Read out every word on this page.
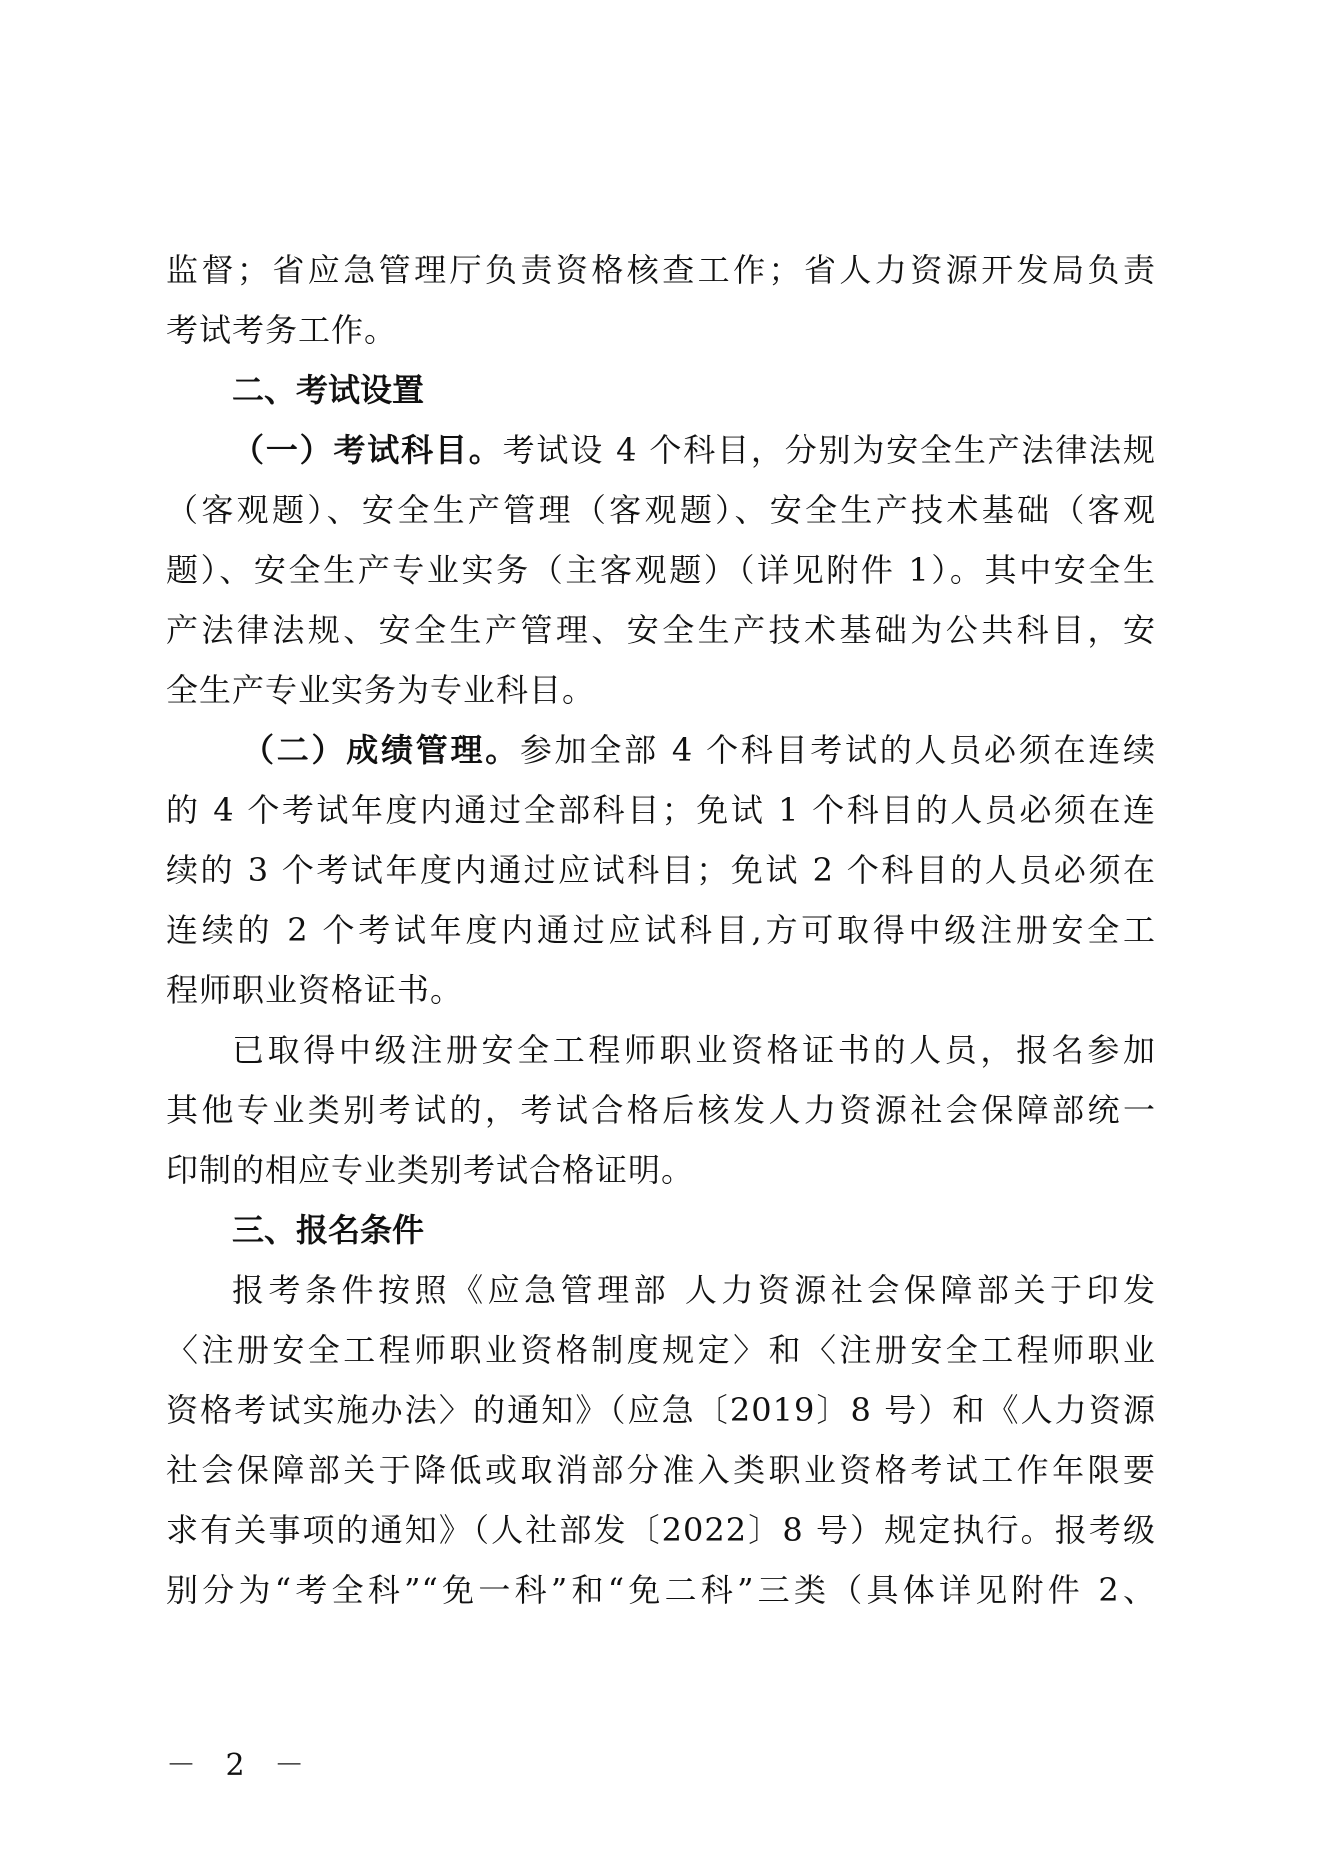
监督；省应急管理厅负责资格核查工作；省人力资源开发局负责
考试考务工作。
二、考试设置
（一）考试科目。考试设 4 个科目，分别为安全生产法律法规
（客观题）、安全生产管理（客观题）、安全生产技术基础（客观
题）、安全生产专业实务（主客观题）（详见附件 1）。其中安全生
产法律法规、安全生产管理、安全生产技术基础为公共科目，安
全生产专业实务为专业科目。
（二）成绩管理。参加全部 4 个科目考试的人员必须在连续
的 4 个考试年度内通过全部科目；免试 1 个科目的人员必须在连
续的 3 个考试年度内通过应试科目；免试 2 个科目的人员必须在
连续的 2 个考试年度内通过应试科目,方可取得中级注册安全工
程师职业资格证书。
已取得中级注册安全工程师职业资格证书的人员，报名参加
其他专业类别考试的，考试合格后核发人力资源社会保障部统一
印制的相应专业类别考试合格证明。
三、报名条件
报考条件按照《应急管理部 人力资源社会保障部关于印发
〈注册安全工程师职业资格制度规定〉和〈注册安全工程师职业
资格考试实施办法〉的通知》（应急〔2019〕8 号）和《人力资源
社会保障部关于降低或取消部分准入类职业资格考试工作年限要
求有关事项的通知》（人社部发〔2022〕8 号）规定执行。报考级
别分为“考全科”“免一科”和“免二科”三类（具体详见附件 2、
－ 2 －
